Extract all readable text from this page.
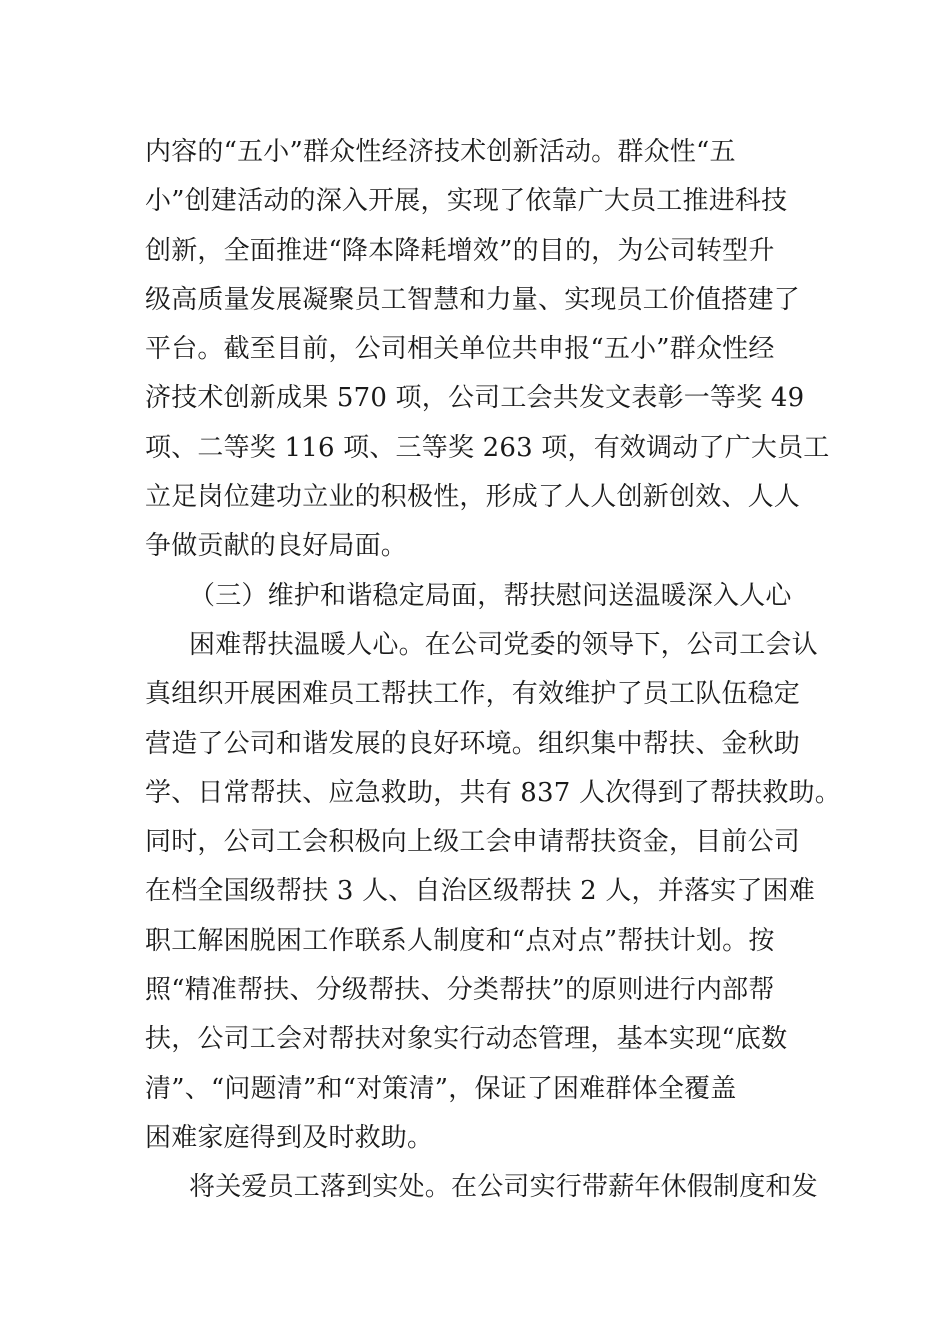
内容的“五小”群众性经济技术创新活动。群众性“五
小”创建活动的深入开展，实现了依靠广大员工推进科技
创新，全面推进“降本降耗增效”的目的，为公司转型升
级高质量发展凝聚员工智慧和力量、实现员工价值搭建了
平台。截至目前，公司相关单位共申报“五小”群众性经
济技术创新成果 570 项，公司工会共发文表彰一等奖 49
项、二等奖 116 项、三等奖 263 项，有效调动了广大员工
立足岗位建功立业的积极性，形成了人人创新创效、人人
争做贡献的良好局面。
（三）维护和谐稳定局面，帮扶慰问送温暖深入人心
困难帮扶温暖人心。在公司党委的领导下，公司工会认
真组织开展困难员工帮扶工作，有效维护了员工队伍稳定
营造了公司和谐发展的良好环境。组织集中帮扶、金秋助
学、日常帮扶、应急救助，共有 837 人次得到了帮扶救助。
同时，公司工会积极向上级工会申请帮扶资金，目前公司
在档全国级帮扶 3 人、自治区级帮扶 2 人，并落实了困难
职工解困脱困工作联系人制度和“点对点”帮扶计划。按
照“精准帮扶、分级帮扶、分类帮扶”的原则进行内部帮
扶，公司工会对帮扶对象实行动态管理，基本实现“底数
清”、“问题清”和“对策清”，保证了困难群体全覆盖
困难家庭得到及时救助。
将关爱员工落到实处。在公司实行带薪年休假制度和发
